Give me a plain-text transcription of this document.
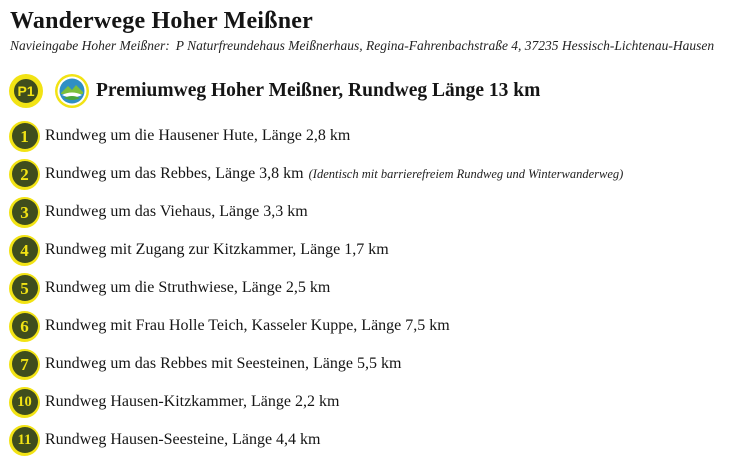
Wanderwege Hoher Meißner
Navieingabe Hoher Meißner: P Naturfreundehaus Meißnerhaus, Regina-Fahrenbachstraße 4, 37235 Hessisch-Lichtenau-Hausen
P1	Premiumweg Hoher Meißner, Rundweg Länge 13 km
1	Rundweg um die Hausener Hute, Länge 2,8 km
2	Rundweg um das Rebbes, Länge 3,8 km (Identisch mit barrierefreiem Rundweg und Winterwanderweg)
3	Rundweg um das Viehaus, Länge 3,3 km
4	Rundweg mit Zugang zur Kitzkammer, Länge 1,7 km
5	Rundweg um die Struthwiese, Länge 2,5 km
6	Rundweg mit Frau Holle Teich, Kasseler Kuppe, Länge 7,5 km
7	Rundweg um das Rebbes mit Seesteinen, Länge 5,5 km
10 Rundweg Hausen-Kitzkammer, Länge 2,2 km
11 Rundweg Hausen-Seesteine, Länge 4,4 km
